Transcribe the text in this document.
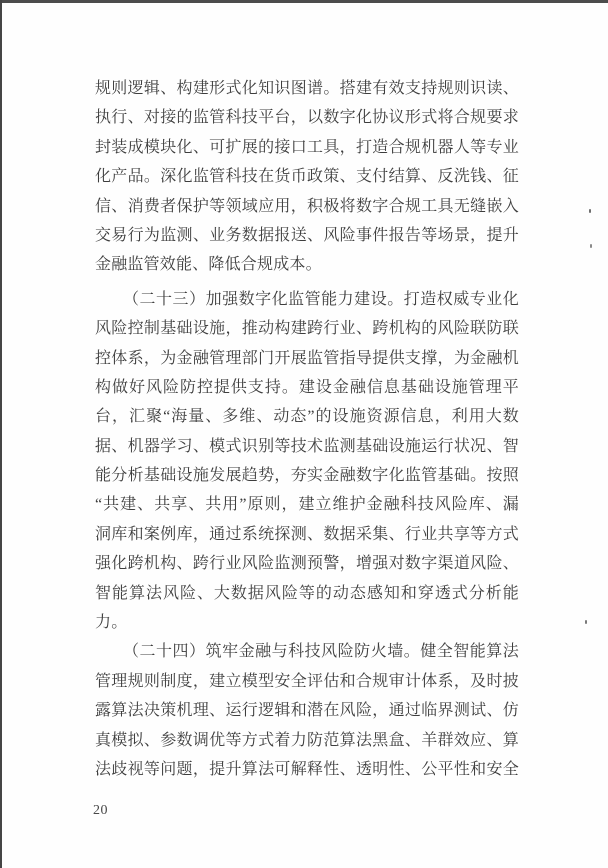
规则逻辑、构建形式化知识图谱。搭建有效支持规则识读、
执行、对接的监管科技平台，以数字化协议形式将合规要求
封装成模块化、可扩展的接口工具，打造合规机器人等专业
化产品。深化监管科技在货币政策、支付结算、反洗钱、征
信、消费者保护等领域应用，积极将数字合规工具无缝嵌入
交易行为监测、业务数据报送、风险事件报告等场景，提升
金融监管效能、降低合规成本。
（二十三）加强数字化监管能力建设。打造权威专业化
风险控制基础设施，推动构建跨行业、跨机构的风险联防联
控体系，为金融管理部门开展监管指导提供支撑，为金融机
构做好风险防控提供支持。建设金融信息基础设施管理平
台，汇聚“海量、多维、动态”的设施资源信息，利用大数
据、机器学习、模式识别等技术监测基础设施运行状况、智
能分析基础设施发展趋势，夯实金融数字化监管基础。按照
“共建、共享、共用”原则，建立维护金融科技风险库、漏
洞库和案例库，通过系统探测、数据采集、行业共享等方式
强化跨机构、跨行业风险监测预警，增强对数字渠道风险、
智能算法风险、大数据风险等的动态感知和穿透式分析能
力。
（二十四）筑牢金融与科技风险防火墙。健全智能算法
管理规则制度，建立模型安全评估和合规审计体系，及时披
露算法决策机理、运行逻辑和潜在风险，通过临界测试、仿
真模拟、参数调优等方式着力防范算法黑盒、羊群效应、算
法歧视等问题，提升算法可解释性、透明性、公平性和安全
20
